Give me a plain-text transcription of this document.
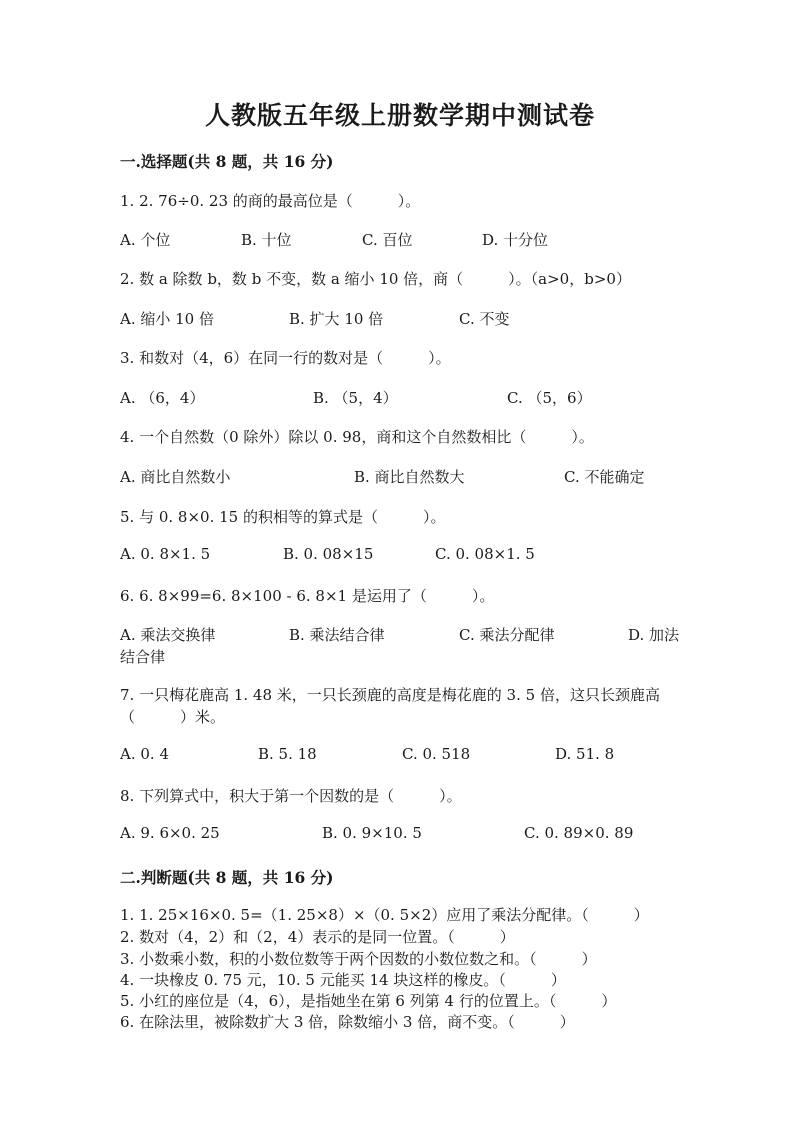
人教版五年级上册数学期中测试卷
一.选择题(共 8 题，共 16 分)
1. 2. 76÷0. 23 的商的最高位是（　　　）。
A. 个位	B. 十位	C. 百位	D. 十分位
2. 数 a 除数 b，数 b 不变，数 a 缩小 10 倍，商（　　　）。（a>0，b>0）
A. 缩小 10 倍	B. 扩大 10 倍	C. 不变
3. 和数对（4，6）在同一行的数对是（　　　）。
A. （6，4）	B. （5，4）	C. （5，6）
4. 一个自然数（0 除外）除以 0. 98，商和这个自然数相比（　　　）。
A. 商比自然数小	B. 商比自然数大	C. 不能确定
5. 与 0. 8×0. 15 的积相等的算式是（　　　）。
A. 0. 8×1. 5	B. 0. 08×15	C. 0. 08×1. 5
6. 6. 8×99=6. 8×100 - 6. 8×1 是运用了（　　　）。
A. 乘法交换律	B. 乘法结合律	C. 乘法分配律	D. 加法
结合律
7. 一只梅花鹿高 1. 48 米，一只长颈鹿的高度是梅花鹿的 3. 5 倍，这只长颈鹿高（　　　）米。
A. 0. 4	B. 5. 18	C. 0. 518	D. 51. 8
8. 下列算式中，积大于第一个因数的是（　　　）。
A. 9. 6×0. 25	B. 0. 9×10. 5	C. 0. 89×0. 89
二.判断题(共 8 题，共 16 分)
1. 1. 25×16×0. 5=（1. 25×8）×（0. 5×2）应用了乘法分配律。（　　　）
2. 数对（4，2）和（2，4）表示的是同一位置。（　　　）
3. 小数乘小数，积的小数位数等于两个因数的小数位数之和。（　　　）
4. 一块橡皮 0. 75 元，10. 5 元能买 14 块这样的橡皮。（　　　）
5. 小红的座位是（4，6），是指她坐在第 6 列第 4 行的位置上。（　　　）
6. 在除法里，被除数扩大 3 倍，除数缩小 3 倍，商不变。（　　　）
